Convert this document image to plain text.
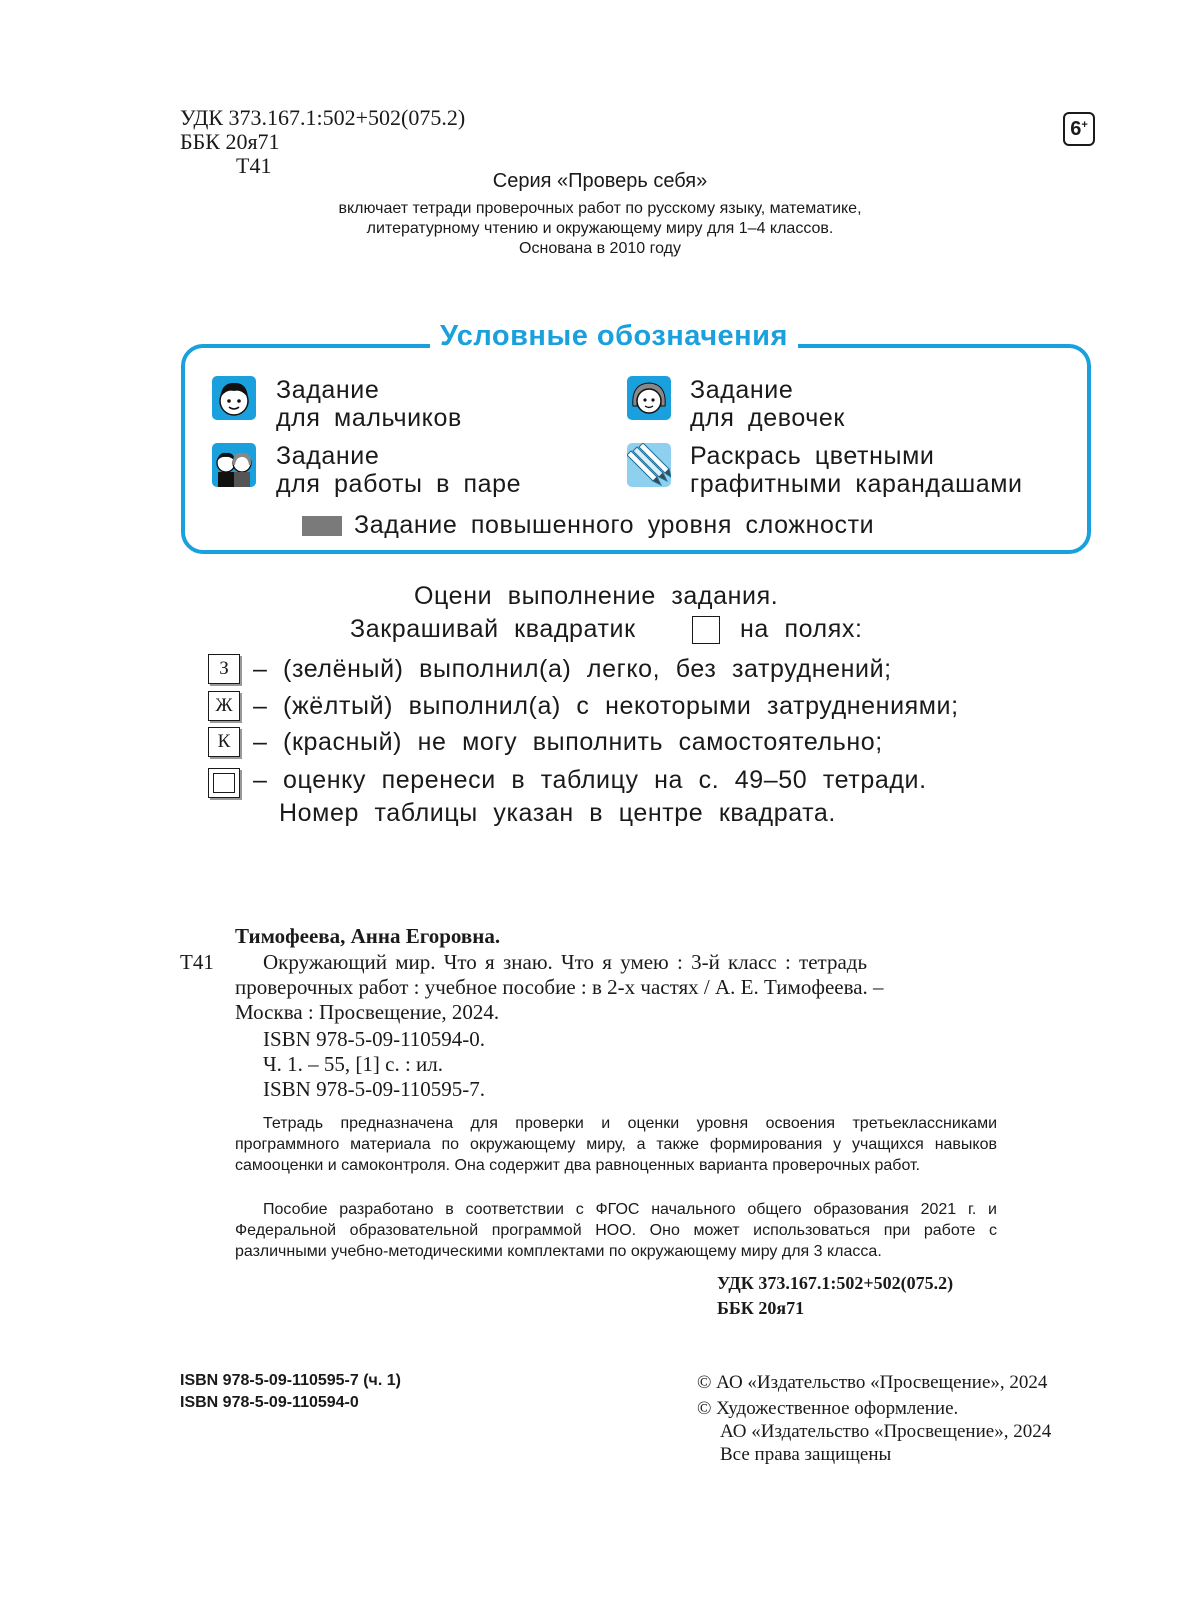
УДК 373.167.1:502+502(075.2)
ББК 20я71
Т41
6+
Серия «Проверь себя»
включает тетради проверочных работ по русскому языку, математике,
литературному чтению и окружающему миру для 1–4 классов.
Основана в 2010 году
Условные обозначения
Задание
для мальчиков
Задание
для девочек
Задание
для работы в паре
Раскрась цветными
графитными карандашами
Задание повышенного уровня сложности
Оцени выполнение задания.
Закрашивай квадратик	на полях:
З – (зелёный) выполнил(а) легко, без затруднений;
Ж – (жёлтый) выполнил(а) с некоторыми затруднениями;
К – (красный) не могу выполнить самостоятельно;
– оценку перенеси в таблицу на с. 49–50 тетради.
Номер таблицы указан в центре квадрата.
Тимофеева, Анна Егоровна.
Т41 Окружающий мир. Что я знаю. Что я умею : 3-й класс : тетрадь
проверочных работ : учебное пособие : в 2-х частях / А. Е. Тимофеева. –
Москва : Просвещение, 2024.
ISBN 978-5-09-110594-0.
Ч. 1. – 55, [1] с. : ил.
ISBN 978-5-09-110595-7.
Тетрадь предназначена для проверки и оценки уровня освоения третьеклассниками программного материала по окружающему миру, а также формирования у учащихся навыков самооценки и самоконтроля. Она содержит два равноценных варианта проверочных работ.
Пособие разработано в соответствии с ФГОС начального общего образования 2021 г. и Федеральной образовательной программой НОО. Оно может использоваться при работе с различными учебно-методическими комплектами по окружающему миру для 3 класса.
УДК 373.167.1:502+502(075.2)
ББК 20я71
ISBN 978-5-09-110595-7 (ч. 1)
ISBN 978-5-09-110594-0
© АО «Издательство «Просвещение», 2024
© Художественное оформление.
АО «Издательство «Просвещение», 2024
Все права защищены
